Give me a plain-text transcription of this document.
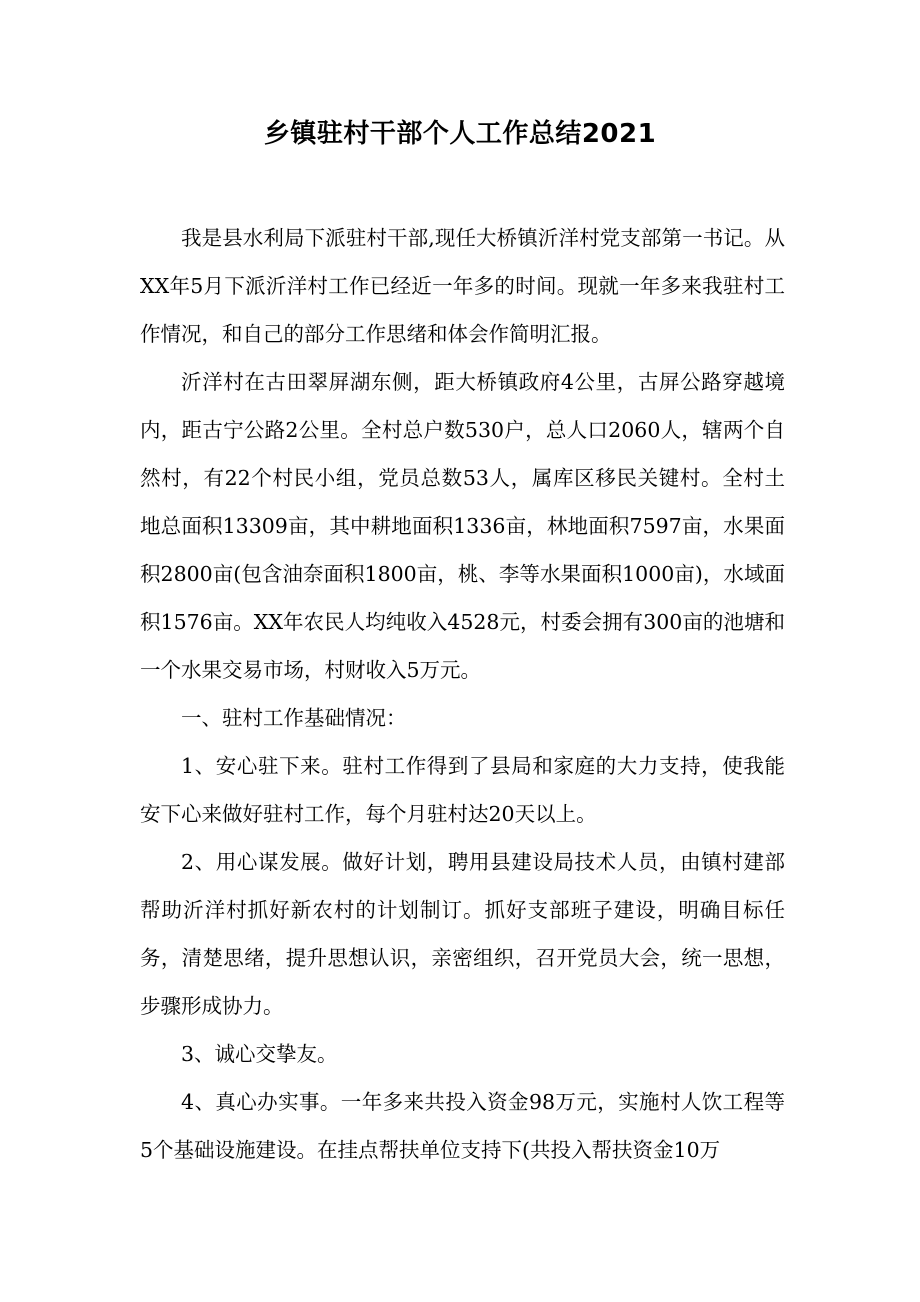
乡镇驻村干部个人工作总结2021

我是县水利局下派驻村干部,现任大桥镇沂洋村党支部第一书记。从XX年5月下派沂洋村工作已经近一年多的时间。现就一年多来我驻村工作情况，和自己的部分工作思绪和体会作简明汇报。

沂洋村在古田翠屏湖东侧，距大桥镇政府4公里，古屏公路穿越境内，距古宁公路2公里。全村总户数530户，总人口2060人，辖两个自然村，有22个村民小组，党员总数53人，属库区移民关键村。全村土地总面积13309亩，其中耕地面积1336亩，林地面积7597亩，水果面积2800亩(包含油奈面积1800亩，桃、李等水果面积1000亩)，水域面积1576亩。XX年农民人均纯收入4528元，村委会拥有300亩的池塘和一个水果交易市场，村财收入5万元。

一、驻村工作基础情况：

1、安心驻下来。驻村工作得到了县局和家庭的大力支持，使我能安下心来做好驻村工作，每个月驻村达20天以上。

2、用心谋发展。做好计划，聘用县建设局技术人员，由镇村建部帮助沂洋村抓好新农村的计划制订。抓好支部班子建设，明确目标任务，清楚思绪，提升思想认识，亲密组织，召开党员大会，统一思想，步骤形成协力。

3、诚心交挚友。

4、真心办实事。一年多来共投入资金98万元，实施村人饮工程等5个基础设施建设。在挂点帮扶单位支持下(共投入帮扶资金10万
